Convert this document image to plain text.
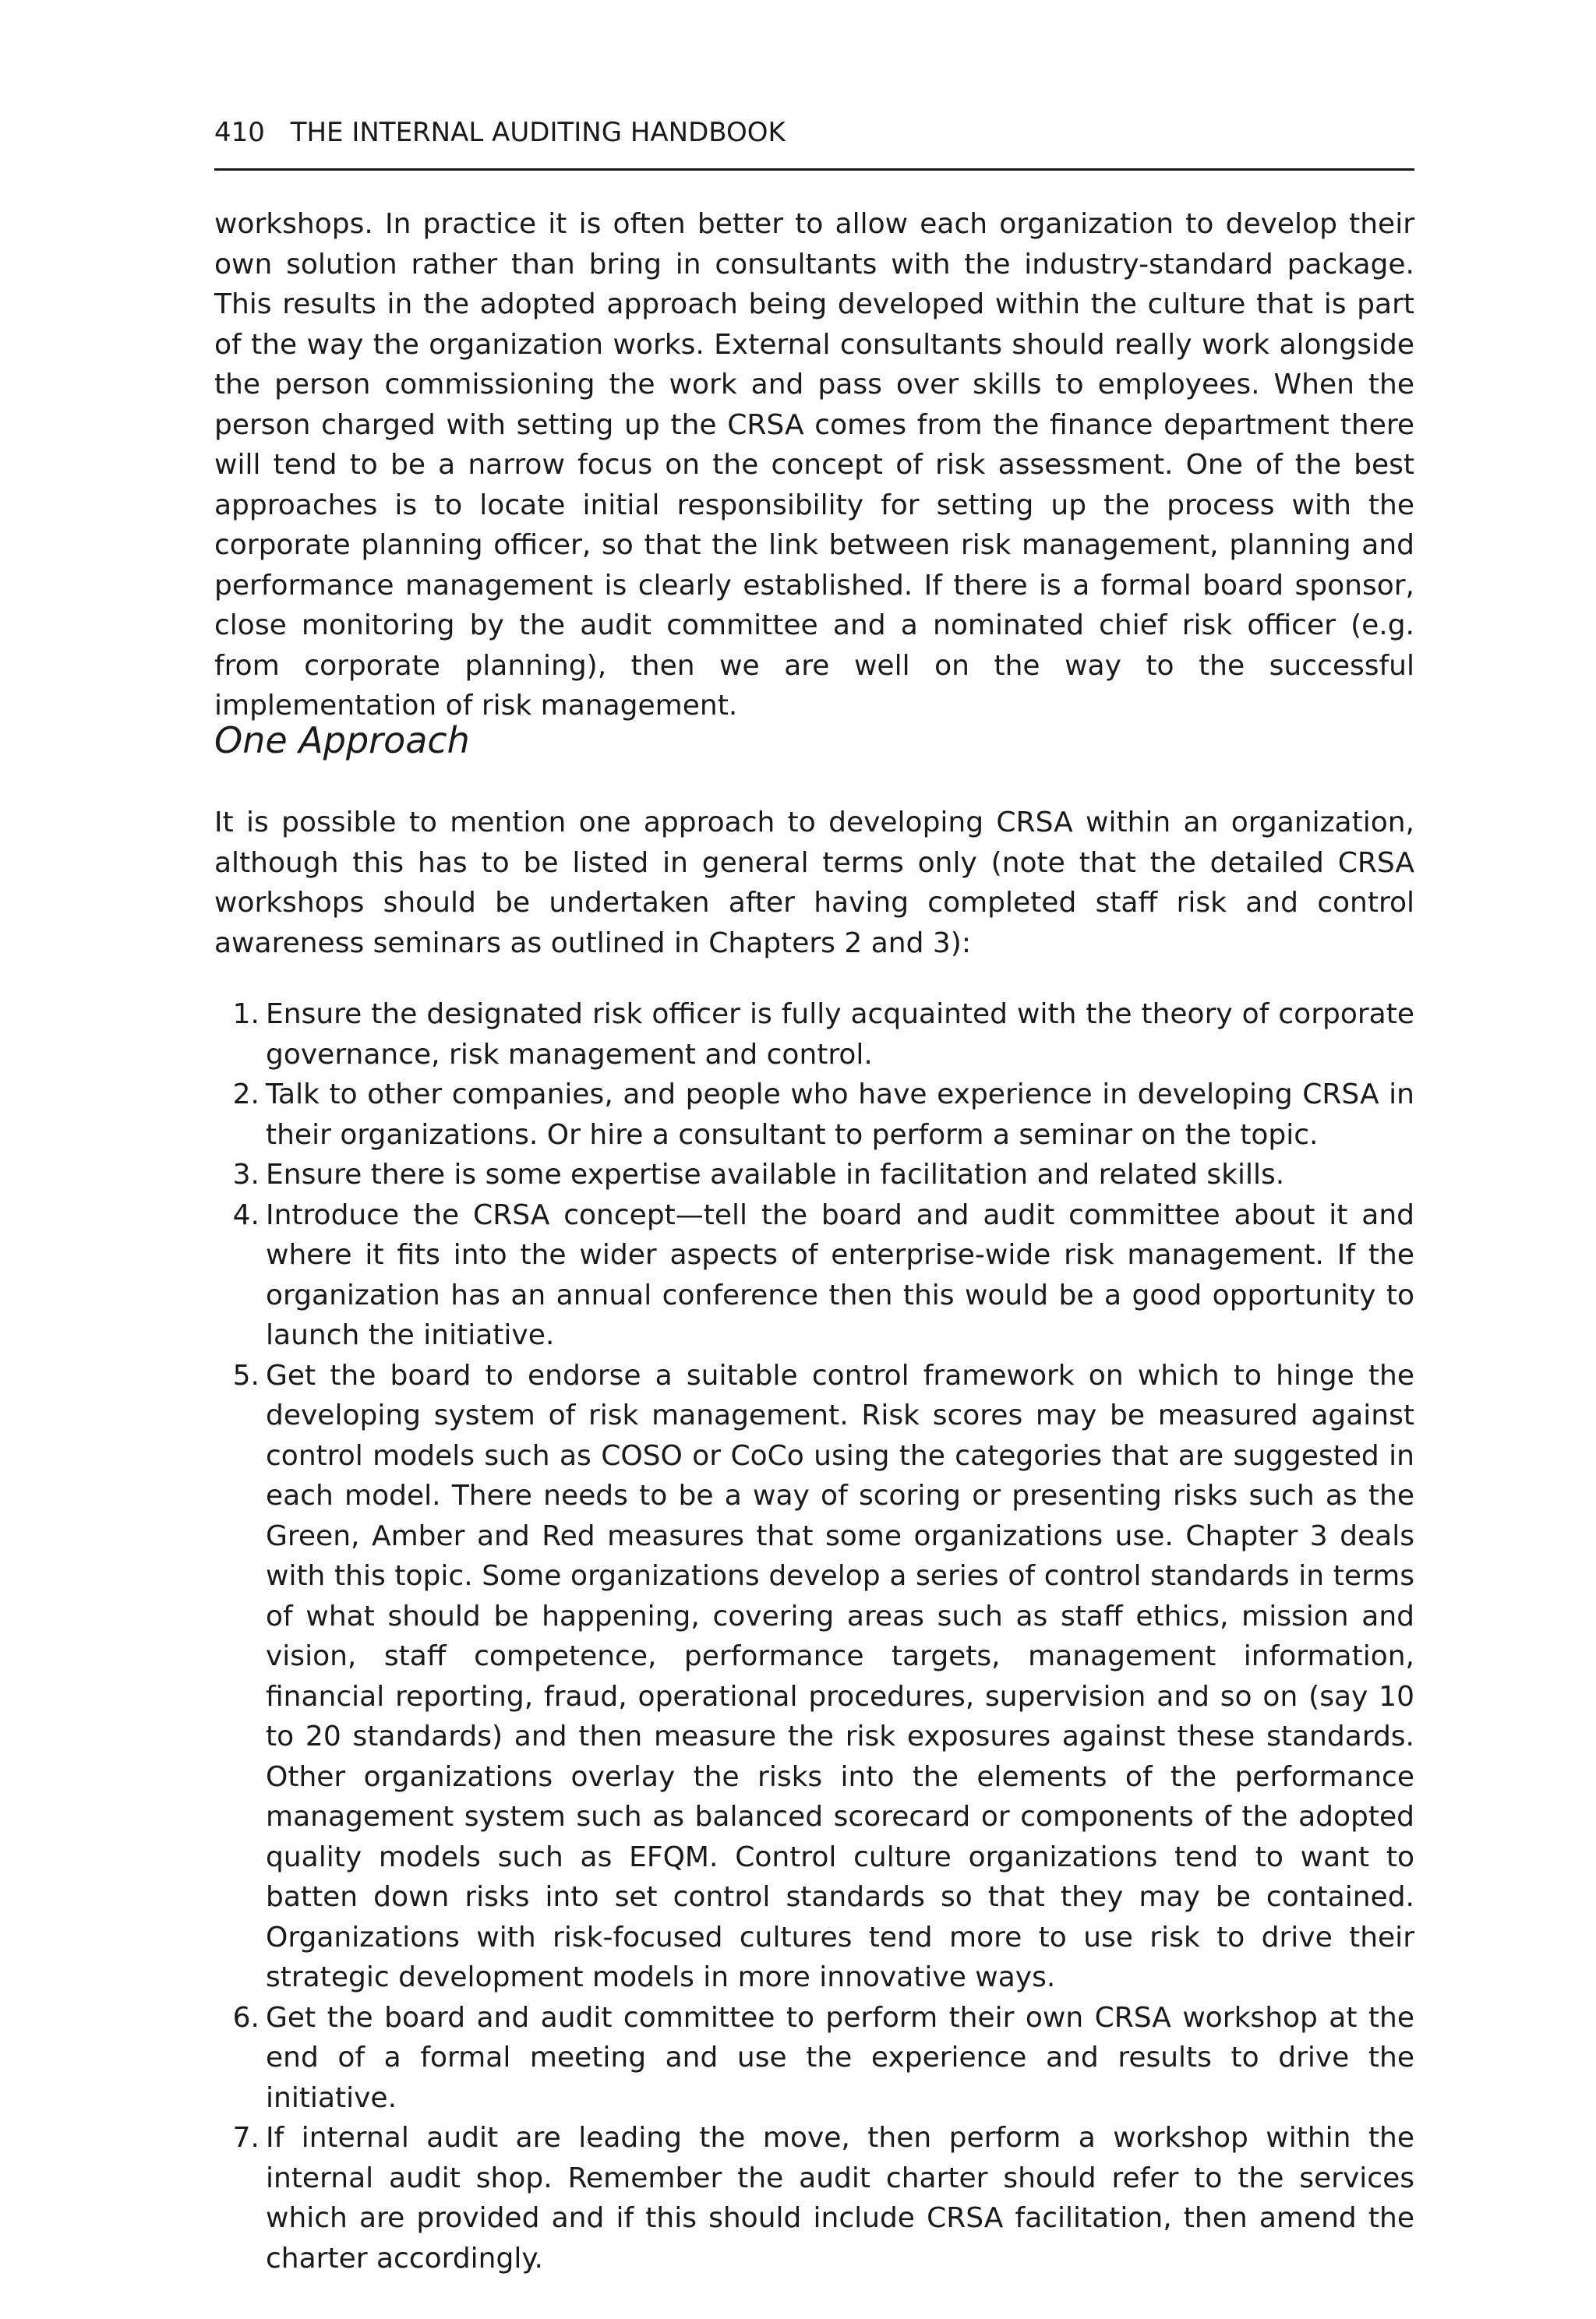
410 THE INTERNAL AUDITING HANDBOOK

workshops. In practice it is often better to allow each organization to develop their own solution rather than bring in consultants with the industry-standard package. This results in the adopted approach being developed within the culture that is part of the way the organization works. External consultants should really work alongside the person commissioning the work and pass over skills to employees. When the person charged with setting up the CRSA comes from the finance department there will tend to be a narrow focus on the concept of risk assessment. One of the best approaches is to locate initial responsibility for setting up the process with the corporate planning officer, so that the link between risk management, planning and performance management is clearly established. If there is a formal board sponsor, close monitoring by the audit committee and a nominated chief risk officer (e.g. from corporate planning), then we are well on the way to the successful implementation of risk management.

One Approach

It is possible to mention one approach to developing CRSA within an organization, although this has to be listed in general terms only (note that the detailed CRSA workshops should be undertaken after having completed staff risk and control awareness seminars as outlined in Chapters 2 and 3):

1. Ensure the designated risk officer is fully acquainted with the theory of corporate governance, risk management and control.
2. Talk to other companies, and people who have experience in developing CRSA in their organizations. Or hire a consultant to perform a seminar on the topic.
3. Ensure there is some expertise available in facilitation and related skills.
4. Introduce the CRSA concept—tell the board and audit committee about it and where it fits into the wider aspects of enterprise-wide risk management. If the organization has an annual conference then this would be a good opportunity to launch the initiative.
5. Get the board to endorse a suitable control framework on which to hinge the developing system of risk management. Risk scores may be measured against control models such as COSO or CoCo using the categories that are suggested in each model. There needs to be a way of scoring or presenting risks such as the Green, Amber and Red measures that some organizations use. Chapter 3 deals with this topic. Some organizations develop a series of control standards in terms of what should be happening, covering areas such as staff ethics, mission and vision, staff competence, performance targets, management information, financial reporting, fraud, operational procedures, supervision and so on (say 10 to 20 standards) and then measure the risk exposures against these standards. Other organizations overlay the risks into the elements of the performance management system such as balanced scorecard or components of the adopted quality models such as EFQM. Control culture organizations tend to want to batten down risks into set control standards so that they may be contained. Organizations with risk-focused cultures tend more to use risk to drive their strategic development models in more innovative ways.
6. Get the board and audit committee to perform their own CRSA workshop at the end of a formal meeting and use the experience and results to drive the initiative.
7. If internal audit are leading the move, then perform a workshop within the internal audit shop. Remember the audit charter should refer to the services which are provided and if this should include CRSA facilitation, then amend the charter accordingly.
